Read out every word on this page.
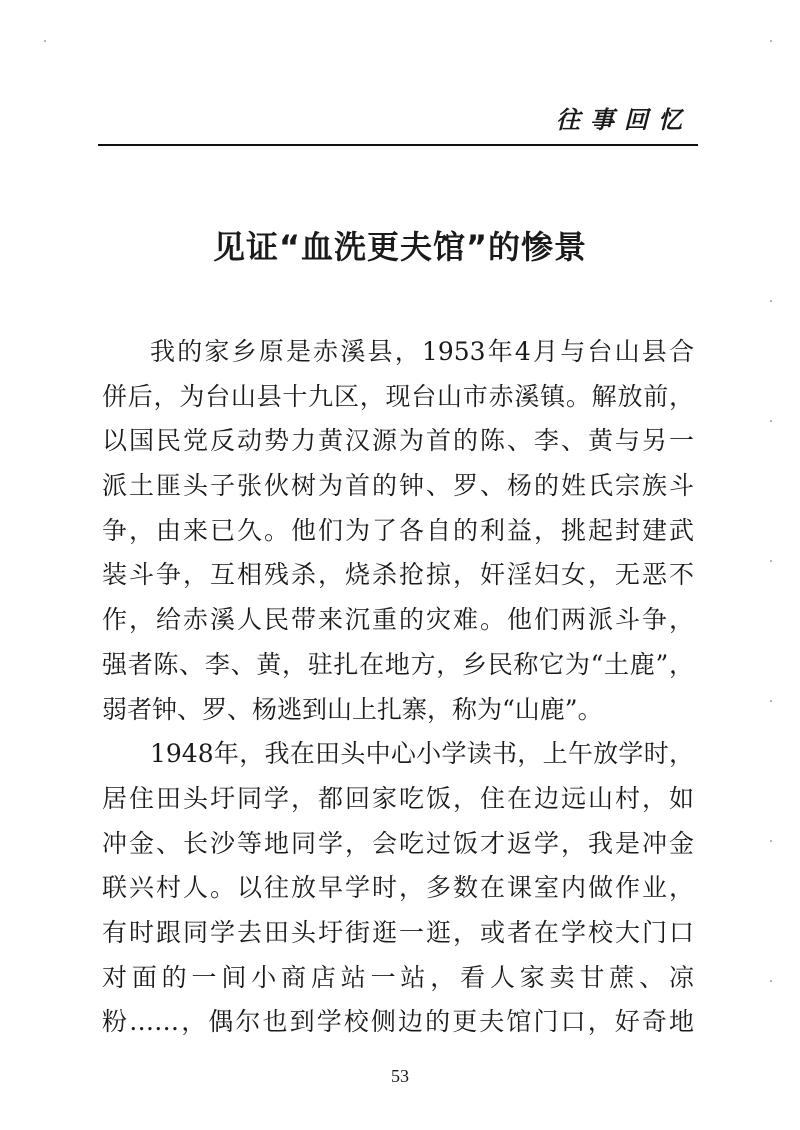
往事回忆
见证“血洗更夫馆”的惨景
我的家乡原是赤溪县，1953年4月与台山县合
併后，为台山县十九区，现台山市赤溪镇。解放前，
以国民党反动势力黄汉源为首的陈、李、黄与另一
派土匪头子张伙树为首的钟、罗、杨的姓氏宗族斗
争，由来已久。他们为了各自的利益，挑起封建武
装斗争，互相残杀，烧杀抢掠，奸淫妇女，无恶不
作，给赤溪人民带来沉重的灾难。他们两派斗争，
强者陈、李、黄，驻扎在地方，乡民称它为“土鹿”，
弱者钟、罗、杨逃到山上扎寨，称为“山鹿”。
1948年，我在田头中心小学读书，上午放学时，
居住田头圩同学，都回家吃饭，住在边远山村，如
冲金、长沙等地同学，会吃过饭才返学，我是冲金
联兴村人。以往放早学时，多数在课室内做作业，
有时跟同学去田头圩街逛一逛，或者在学校大门口
对面的一间小商店站一站，看人家卖甘蔗、凉
粉……，偶尔也到学校侧边的更夫馆门口，好奇地
53
